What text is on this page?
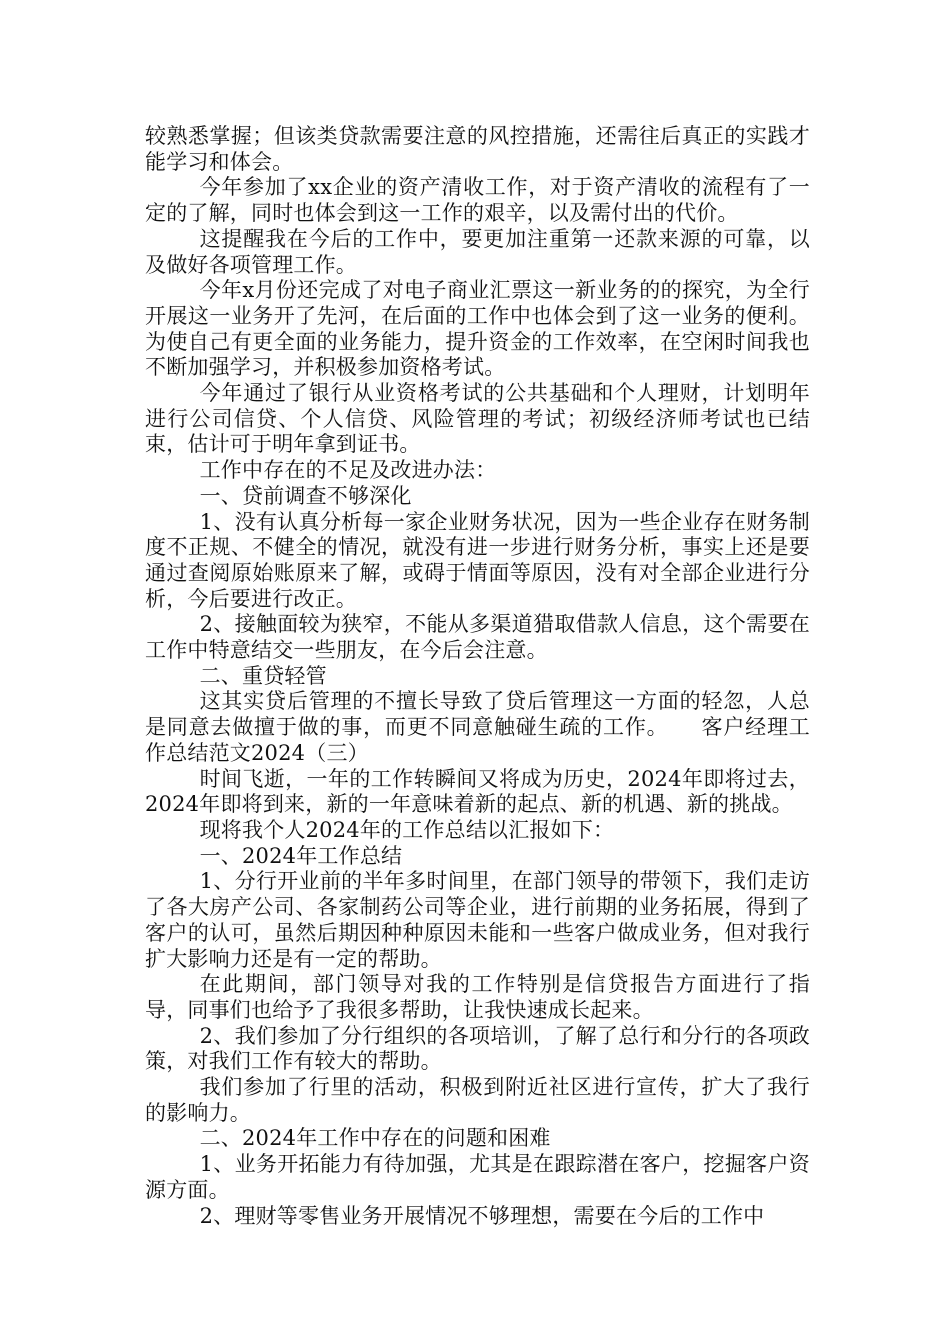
较熟悉掌握；但该类贷款需要注意的风控措施，还需往后真正的实践才能学习和体会。

今年参加了xx企业的资产清收工作，对于资产清收的流程有了一定的了解，同时也体会到这一工作的艰辛，以及需付出的代价。

这提醒我在今后的工作中，要更加注重第一还款来源的可靠，以及做好各项管理工作。

今年x月份还完成了对电子商业汇票这一新业务的的探究，为全行开展这一业务开了先河，在后面的工作中也体会到了这一业务的便利。为使自己有更全面的业务能力，提升资金的工作效率，在空闲时间我也不断加强学习，并积极参加资格考试。

今年通过了银行从业资格考试的公共基础和个人理财，计划明年进行公司信贷、个人信贷、风险管理的考试；初级经济师考试也已结束，估计可于明年拿到证书。

工作中存在的不足及改进办法：

一、贷前调查不够深化

1、没有认真分析每一家企业财务状况，因为一些企业存在财务制度不正规、不健全的情况，就没有进一步进行财务分析，事实上还是要通过查阅原始账原来了解，或碍于情面等原因，没有对全部企业进行分析，今后要进行改正。

2、接触面较为狭窄，不能从多渠道猎取借款人信息，这个需要在工作中特意结交一些朋友，在今后会注意。

二、重贷轻管

这其实贷后管理的不擅长导致了贷后管理这一方面的轻忽，人总是同意去做擅于做的事，而更不同意触碰生疏的工作。　　客户经理工作总结范文2024（三）

时间飞逝，一年的工作转瞬间又将成为历史，2024年即将过去，2024年即将到来，新的一年意味着新的起点、新的机遇、新的挑战。

现将我个人2024年的工作总结以汇报如下：

一、2024年工作总结

1、分行开业前的半年多时间里，在部门领导的带领下，我们走访了各大房产公司、各家制药公司等企业，进行前期的业务拓展，得到了客户的认可，虽然后期因种种原因未能和一些客户做成业务，但对我行扩大影响力还是有一定的帮助。

在此期间，部门领导对我的工作特别是信贷报告方面进行了指导，同事们也给予了我很多帮助，让我快速成长起来。

2、我们参加了分行组织的各项培训，了解了总行和分行的各项政策，对我们工作有较大的帮助。

我们参加了行里的活动，积极到附近社区进行宣传，扩大了我行的影响力。

二、2024年工作中存在的问题和困难

1、业务开拓能力有待加强，尤其是在跟踪潜在客户，挖掘客户资源方面。

2、理财等零售业务开展情况不够理想，需要在今后的工作中
